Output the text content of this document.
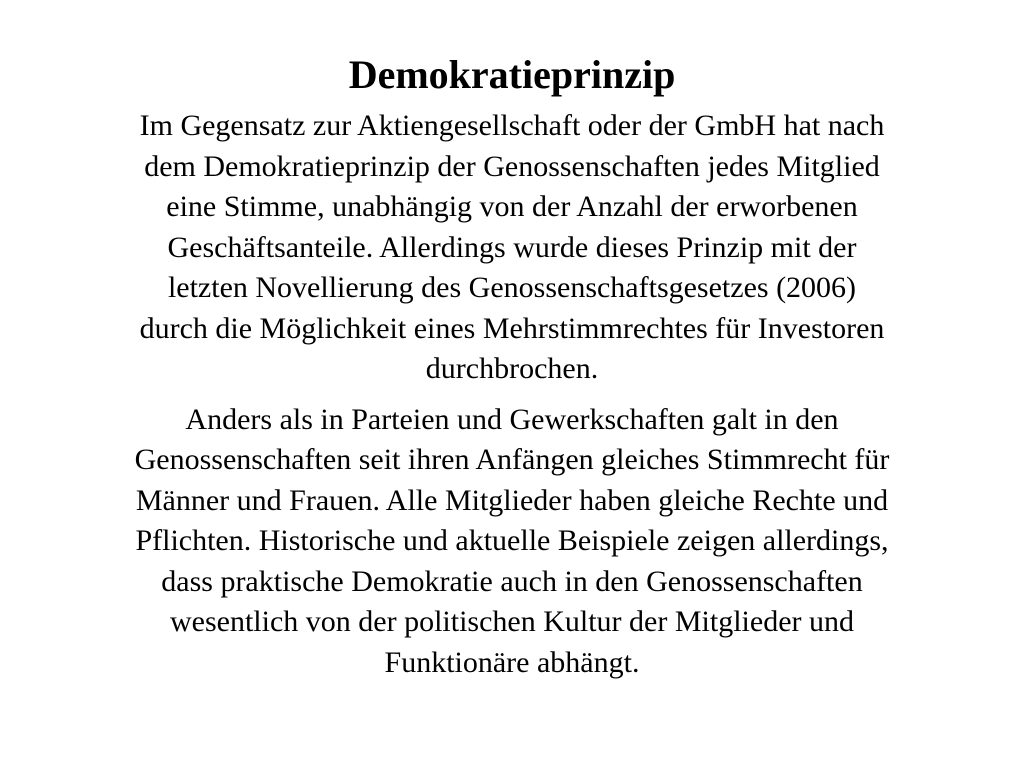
Demokratieprinzip

Im Gegensatz zur Aktiengesellschaft oder der GmbH hat nach
dem Demokratieprinzip der Genossenschaften jedes Mitglied
eine Stimme, unabhängig von der Anzahl der erworbenen
Geschäftsanteile. Allerdings wurde dieses Prinzip mit der
letzten Novellierung des Genossenschaftsgesetzes (2006)
durch die Möglichkeit eines Mehrstimmrechtes für Investoren
durchbrochen.

Anders als in Parteien und Gewerkschaften galt in den
Genossenschaften seit ihren Anfängen gleiches Stimmrecht für
Männer und Frauen. Alle Mitglieder haben gleiche Rechte und
Pflichten. Historische und aktuelle Beispiele zeigen allerdings,
dass praktische Demokratie auch in den Genossenschaften
wesentlich von der politischen Kultur der Mitglieder und
Funktionäre abhängt.
